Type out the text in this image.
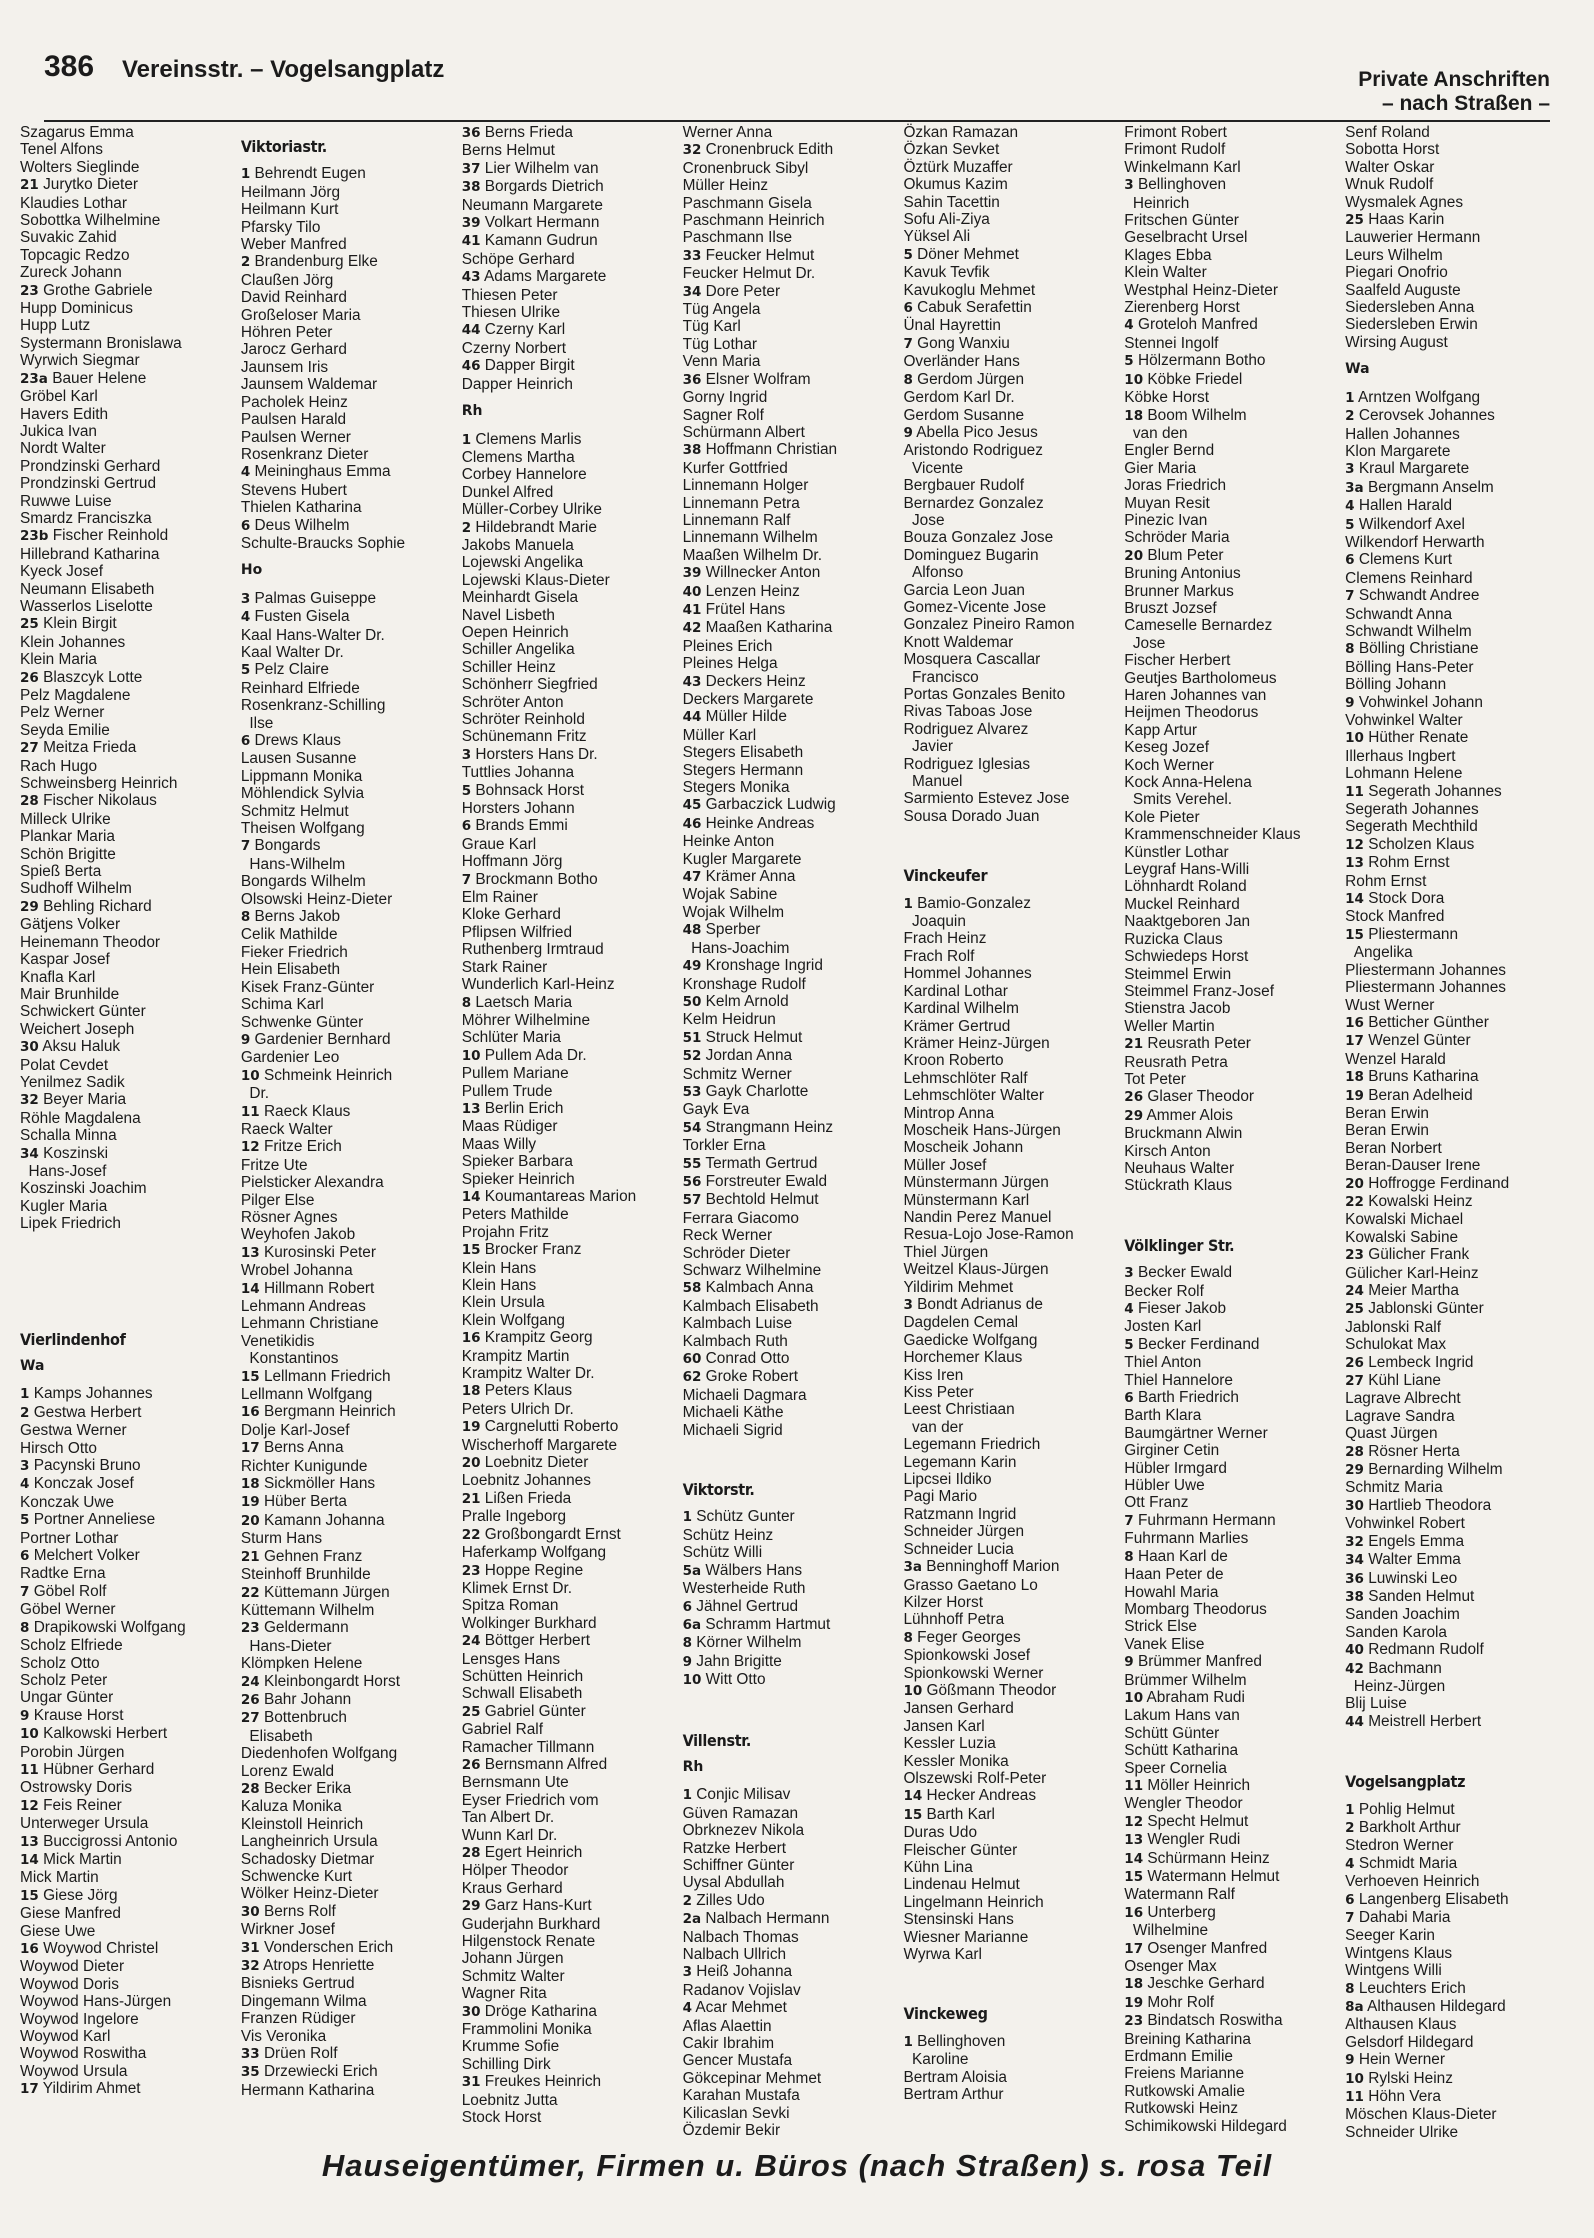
386 Vereinsstr. – Vogelsangplatz	Private Anschriften
– nach Straßen –
Szagarus Emma
Tenel Alfons
Wolters Sieglinde
21 Jurytko Dieter
Klaudies Lothar
Sobottka Wilhelmine
Suvakic Zahid
Topcagic Redzo
Zureck Johann
23 Grothe Gabriele
Hupp Dominicus
Hupp Lutz
Systermann Bronislawa
Wyrwich Siegmar
23a Bauer Helene
Gröbel Karl
Havers Edith
Jukica Ivan
Nordt Walter
Prondzinski Gerhard
Prondzinski Gertrud
Ruwwe Luise
Smardz Franciszka
23b Fischer Reinhold
Hillebrand Katharina
Kyeck Josef
Neumann Elisabeth
Wasserlos Liselotte
25 Klein Birgit
Klein Johannes
Klein Maria
26 Blaszcyk Lotte
Pelz Magdalene
Pelz Werner
Seyda Emilie
27 Meitza Frieda
Rach Hugo
Schweinsberg Heinrich
28 Fischer Nikolaus
Milleck Ulrike
Plankar Maria
Schön Brigitte
Spieß Berta
Sudhoff Wilhelm
29 Behling Richard
Gätjens Volker
Heinemann Theodor
Kaspar Josef
Knafla Karl
Mair Brunhilde
Schwickert Günter
Weichert Joseph
30 Aksu Haluk
Polat Cevdet
Yenilmez Sadik
32 Beyer Maria
Röhle Magdalena
Schalla Minna
34 Koszinski
Hans-Josef
Koszinski Joachim
Kugler Maria
Lipek Friedrich
Vierlindenhof
Wa
1 Kamps Johannes
2 Gestwa Herbert
Gestwa Werner
Hirsch Otto
3 Pacynski Bruno
4 Konczak Josef
Konczak Uwe
5 Portner Anneliese
Portner Lothar
6 Melchert Volker
Radtke Erna
7 Göbel Rolf
Göbel Werner
8 Drapikowski Wolfgang
Scholz Elfriede
Scholz Otto
Scholz Peter
Ungar Günter
9 Krause Horst
10 Kalkowski Herbert
Porobin Jürgen
11 Hübner Gerhard
Ostrowsky Doris
12 Feis Reiner
Unterweger Ursula
13 Buccigrossi Antonio
14 Mick Martin
Mick Martin
15 Giese Jörg
Giese Manfred
Giese Uwe
16 Woywod Christel
Woywod Dieter
Woywod Doris
Woywod Hans-Jürgen
Woywod Ingelore
Woywod Karl
Woywod Roswitha
Woywod Ursula
17 Yildirim Ahmet
Viktoriastr.
1 Behrendt Eugen
Heilmann Jörg
Heilmann Kurt
Pfarsky Tilo
Weber Manfred
2 Brandenburg Elke
Claußen Jörg
David Reinhard
Großeloser Maria
Höhren Peter
Jarocz Gerhard
Jaunsem Iris
Jaunsem Waldemar
Pacholek Heinz
Paulsen Harald
Paulsen Werner
Rosenkranz Dieter
4 Meininghaus Emma
Stevens Hubert
Thielen Katharina
6 Deus Wilhelm
Schulte-Braucks Sophie
Ho
3 Palmas Guiseppe
4 Fusten Gisela
Kaal Hans-Walter Dr.
Kaal Walter Dr.
5 Pelz Claire
Reinhard Elfriede
Rosenkranz-Schilling
Ilse
6 Drews Klaus
Lausen Susanne
Lippmann Monika
Möhlendick Sylvia
Schmitz Helmut
Theisen Wolfgang
7 Bongards
Hans-Wilhelm
Bongards Wilhelm
Olsowski Heinz-Dieter
8 Berns Jakob
Celik Mathilde
Fieker Friedrich
Hein Elisabeth
Kisek Franz-Günter
Schima Karl
Schwenke Günter
9 Gardenier Bernhard
Gardenier Leo
10 Schmeink Heinrich
Dr.
11 Raeck Klaus
Raeck Walter
12 Fritze Erich
Fritze Ute
Pielsticker Alexandra
Pilger Else
Rösner Agnes
Weyhofen Jakob
13 Kurosinski Peter
Wrobel Johanna
14 Hillmann Robert
Lehmann Andreas
Lehmann Christiane
Venetikidis
Konstantinos
15 Lellmann Friedrich
Lellmann Wolfgang
16 Bergmann Heinrich
Dolje Karl-Josef
17 Berns Anna
Richter Kunigunde
18 Sickmöller Hans
19 Hüber Berta
20 Kamann Johanna
Sturm Hans
21 Gehnen Franz
Steinhoff Brunhilde
22 Küttemann Jürgen
Küttemann Wilhelm
23 Geldermann
Hans-Dieter
Klömpken Helene
24 Kleinbongardt Horst
26 Bahr Johann
27 Bottenbruch
Elisabeth
Diedenhofen Wolfgang
Lorenz Ewald
28 Becker Erika
Kaluza Monika
Kleinstoll Heinrich
Langheinrich Ursula
Schadosky Dietmar
Schwencke Kurt
Wölker Heinz-Dieter
30 Berns Rolf
Wirkner Josef
31 Vonderschen Erich
32 Atrops Henriette
Bisnieks Gertrud
Dingemann Wilma
Franzen Rüdiger
Vis Veronika
33 Drüen Rolf
35 Drzewiecki Erich
Hermann Katharina
36 Berns Frieda
Berns Helmut
37 Lier Wilhelm van
38 Borgards Dietrich
Neumann Margarete
39 Volkart Hermann
41 Kamann Gudrun
Schöpe Gerhard
43 Adams Margarete
Thiesen Peter
Thiesen Ulrike
44 Czerny Karl
Czerny Norbert
46 Dapper Birgit
Dapper Heinrich
Rh
1 Clemens Marlis
Clemens Martha
Corbey Hannelore
Dunkel Alfred
Müller-Corbey Ulrike
2 Hildebrandt Marie
Jakobs Manuela
Lojewski Angelika
Lojewski Klaus-Dieter
Meinhardt Gisela
Navel Lisbeth
Oepen Heinrich
Schiller Angelika
Schiller Heinz
Schönherr Siegfried
Schröter Anton
Schröter Reinhold
Schünemann Fritz
3 Horsters Hans Dr.
Tuttlies Johanna
5 Bohnsack Horst
Horsters Johann
6 Brands Emmi
Graue Karl
Hoffmann Jörg
7 Brockmann Botho
Elm Rainer
Kloke Gerhard
Pflipsen Wilfried
Ruthenberg Irmtraud
Stark Rainer
Wunderlich Karl-Heinz
8 Laetsch Maria
Möhrer Wilhelmine
Schlüter Maria
10 Pullem Ada Dr.
Pullem Mariane
Pullem Trude
13 Berlin Erich
Maas Rüdiger
Maas Willy
Spieker Barbara
Spieker Heinrich
14 Koumantareas Marion
Peters Mathilde
Projahn Fritz
15 Brocker Franz
Klein Hans
Klein Hans
Klein Ursula
Klein Wolfgang
16 Krampitz Georg
Krampitz Martin
Krampitz Walter Dr.
18 Peters Klaus
Peters Ulrich Dr.
19 Cargnelutti Roberto
Wischerhoff Margarete
20 Loebnitz Dieter
Loebnitz Johannes
21 Lißen Frieda
Pralle Ingeborg
22 Großbongardt Ernst
Haferkamp Wolfgang
23 Hoppe Regine
Klimek Ernst Dr.
Spitza Roman
Wolkinger Burkhard
24 Böttger Herbert
Lensges Hans
Schütten Heinrich
Schwall Elisabeth
25 Gabriel Günter
Gabriel Ralf
Ramacher Tillmann
26 Bernsmann Alfred
Bernsmann Ute
Eyser Friedrich vom
Tan Albert Dr.
Wunn Karl Dr.
28 Egert Heinrich
Hölper Theodor
Kraus Gerhard
29 Garz Hans-Kurt
Guderjahn Burkhard
Hilgenstock Renate
Johann Jürgen
Schmitz Walter
Wagner Rita
30 Drögе Katharina
Frammolini Monika
Krumme Sofie
Schilling Dirk
31 Freukes Heinrich
Loebnitz Jutta
Stock Horst
Werner Anna
32 Cronenbruck Edith
Cronenbruck Sibyl
Müller Heinz
Paschmann Gisela
Paschmann Heinrich
Paschmann Ilse
33 Feucker Helmut
Feucker Helmut Dr.
34 Dore Peter
Tüg Angela
Tüg Karl
Tüg Lothar
Venn Maria
36 Elsner Wolfram
Gorny Ingrid
Sagner Rolf
Schürmann Albert
38 Hoffmann Christian
Kurfer Gottfried
Linnemann Holger
Linnemann Petra
Linnemann Ralf
Linnemann Wilhelm
Maaßen Wilhelm Dr.
39 Willnecker Anton
40 Lenzen Heinz
41 Frütel Hans
42 Maaßen Katharina
Pleines Erich
Pleines Helga
43 Deckers Heinz
Deckers Margarete
44 Müller Hilde
Müller Karl
Stegers Elisabeth
Stegers Hermann
Stegers Monika
45 Garbaczick Ludwig
46 Heinke Andreas
Heinke Anton
Kugler Margarete
47 Krämer Anna
Wojak Sabine
Wojak Wilhelm
48 Sperber
Hans-Joachim
49 Kronshage Ingrid
Kronshage Rudolf
50 Kelm Arnold
Kelm Heidrun
51 Struck Helmut
52 Jordan Anna
Schmitz Werner
53 Gayk Charlotte
Gayk Eva
54 Strangmann Heinz
Torkler Erna
55 Termath Gertrud
56 Forstreuter Ewald
57 Bechtold Helmut
Ferrara Giacomo
Reck Werner
Schröder Dieter
Schwarz Wilhelmine
58 Kalmbach Anna
Kalmbach Elisabeth
Kalmbach Luise
Kalmbach Ruth
60 Conrad Otto
62 Groke Robert
Michaeli Dagmara
Michaeli Käthe
Michaeli Sigrid
Viktorstr.
1 Schütz Gunter
Schütz Heinz
Schütz Willi
5a Wälbers Hans
Westerheide Ruth
6 Jähnel Gertrud
6a Schramm Hartmut
8 Körner Wilhelm
9 Jahn Brigitte
10 Witt Otto
Villenstr.
Rh
1 Conjic Milisav
Güven Ramazan
Obrknezev Nikola
Ratzke Herbert
Schiffner Günter
Uysal Abdullah
2 Zilles Udo
2a Nalbach Hermann
Nalbach Thomas
Nalbach Ullrich
3 Heiß Johanna
Radanov Vojislav
4 Acar Mehmet
Aflas Alaettin
Cakir Ibrahim
Gencer Mustafa
Gökcepinar Mehmet
Karahan Mustafa
Kilicaslan Sevki
Özdemir Bekir
Özkan Ramazan
Özkan Sevket
Öztürk Muzaffer
Okumus Kazim
Sahin Tacettin
Sofu Ali-Ziya
Yüksel Ali
5 Döner Mehmet
Kavuk Tevfik
Kavukoglu Mehmet
6 Cabuk Serafettin
Ünal Hayrettin
7 Gong Wanxiu
Overländer Hans
8 Gerdom Jürgen
Gerdom Karl Dr.
Gerdom Susanne
9 Abella Pico Jesus
Aristondo Rodriguez
Vicente
Bergbauer Rudolf
Bernardez Gonzalez
Jose
Bouza Gonzalez Jose
Dominguez Bugarin
Alfonso
Garcia Leon Juan
Gomez-Vicente Jose
Gonzalez Pineiro Ramon
Knott Waldemar
Mosquera Cascallar
Francisco
Portas Gonzales Benito
Rivas Taboas Jose
Rodriguez Alvarez
Javier
Rodriguez Iglesias
Manuel
Sarmiento Estevez Jose
Sousa Dorado Juan
Vinckeufer
1 Bamio-Gonzalez
Joaquin
Frach Heinz
Frach Rolf
Hommel Johannes
Kardinal Lothar
Kardinal Wilhelm
Krämer Gertrud
Krämer Heinz-Jürgen
Kroon Roberto
Lehmschlöter Ralf
Lehmschlöter Walter
Mintrop Anna
Moscheik Hans-Jürgen
Moscheik Johann
Müller Josef
Münstermann Jürgen
Münstermann Karl
Nandin Perez Manuel
Resua-Lojo Jose-Ramon
Thiel Jürgen
Weitzel Klaus-Jürgen
Yildirim Mehmet
3 Bondt Adrianus de
Dagdelen Cemal
Gaedicke Wolfgang
Horchemer Klaus
Kiss Iren
Kiss Peter
Leest Christiaan
van der
Legemann Friedrich
Legemann Karin
Lipcsei Ildiko
Pagi Mario
Ratzmann Ingrid
Schneider Jürgen
Schneider Lucia
3a Benninghoff Marion
Grasso Gaetano Lo
Kilzer Horst
Lühnhoff Petra
8 Feger Georges
Spionkowski Josef
Spionkowski Werner
10 Gößmann Theodor
Jansen Gerhard
Jansen Karl
Kessler Luzia
Kessler Monika
Olszewski Rolf-Peter
14 Hecker Andreas
15 Barth Karl
Duras Udo
Fleischer Günter
Kühn Lina
Lindenau Helmut
Lingelmann Heinrich
Stensinski Hans
Wiesner Marianne
Wyrwa Karl
Vinckeweg
1 Bellinghoven
Karoline
Bertram Aloisia
Bertram Arthur
Frimont Robert
Frimont Rudolf
Winkelmann Karl
3 Bellinghoven
Heinrich
Fritschen Günter
Geselbracht Ursel
Klages Ebba
Klein Walter
Westphal Heinz-Dieter
Zierenberg Horst
4 Groteloh Manfred
Stennei Ingolf
5 Hölzermann Botho
10 Köbke Friedel
Köbke Horst
18 Boom Wilhelm
van den
Engler Bernd
Gier Maria
Joras Friedrich
Muyan Resit
Pinezic Ivan
Schröder Maria
20 Blum Peter
Bruning Antonius
Brunner Markus
Bruszt Jozsef
Cameselle Bernardez
Jose
Fischer Herbert
Geutjes Bartholomeus
Haren Johannes van
Heijmen Theodorus
Kapp Artur
Keseg Jozef
Koch Werner
Kock Anna-Helena
Smits Verehel.
Kole Pieter
Krammenschneider Klaus
Künstler Lothar
Leygraf Hans-Willi
Löhnhardt Roland
Muckel Reinhard
Naaktgeboren Jan
Ruzicka Claus
Schwiedeps Horst
Steimmel Erwin
Steimmel Franz-Josef
Stienstra Jacob
Weller Martin
21 Reusrath Peter
Reusrath Petra
Tot Peter
26 Glaser Theodor
29 Ammer Alois
Bruckmann Alwin
Kirsch Anton
Neuhaus Walter
Stückrath Klaus
Völklinger Str.
3 Becker Ewald
Becker Rolf
4 Fieser Jakob
Josten Karl
5 Becker Ferdinand
Thiel Anton
Thiel Hannelore
6 Barth Friedrich
Barth Klara
Baumgärtner Werner
Girginer Cetin
Hübler Irmgard
Hübler Uwe
Ott Franz
7 Fuhrmann Hermann
Fuhrmann Marlies
8 Haan Karl de
Haan Peter de
Howahl Maria
Mombarg Theodorus
Strick Else
Vanek Elise
9 Brümmer Manfred
Brümmer Wilhelm
10 Abraham Rudi
Lakum Hans van
Schütt Günter
Schütt Katharina
Speer Cornelia
11 Möller Heinrich
Wengler Theodor
12 Specht Helmut
13 Wengler Rudi
14 Schürmann Heinz
15 Watermann Helmut
Watermann Ralf
16 Unterberg
Wilhelmine
17 Osenger Manfred
Osenger Max
18 Jeschke Gerhard
19 Mohr Rolf
23 Bindatsch Roswitha
Breining Katharina
Erdmann Emilie
Freiens Marianne
Rutkowski Amalie
Rutkowski Heinz
Schimikowski Hildegard
Senf Roland
Sobotta Horst
Walter Oskar
Wnuk Rudolf
Wysmalek Agnes
25 Haas Karin
Lauwerier Hermann
Leurs Wilhelm
Piegari Onofrio
Saalfeld Auguste
Siedersleben Anna
Siedersleben Erwin
Wirsing August
Wa
1 Arntzen Wolfgang
2 Cerovsek Johannes
Hallen Johannes
Klon Margarete
3 Kraul Margarete
3a Bergmann Anselm
4 Hallen Harald
5 Wilkendorf Axel
Wilkendorf Herwarth
6 Clemens Kurt
Clemens Reinhard
7 Schwandt Andree
Schwandt Anna
Schwandt Wilhelm
8 Bölling Christiane
Bölling Hans-Peter
Bölling Johann
9 Vohwinkel Johann
Vohwinkel Walter
10 Hüther Renate
Illerhaus Ingbert
Lohmann Helene
11 Segerath Johannes
Segerath Johannes
Segerath Mechthild
12 Scholzen Klaus
13 Rohm Ernst
Rohm Ernst
14 Stock Dora
Stock Manfred
15 Pliestermann
Angelika
Pliestermann Johannes
Pliestermann Johannes
Wust Werner
16 Betticher Günther
17 Wenzel Günter
Wenzel Harald
18 Bruns Katharina
19 Beran Adelheid
Beran Erwin
Beran Erwin
Beran Norbert
Beran-Dauser Irene
20 Hoffrogge Ferdinand
22 Kowalski Heinz
Kowalski Michael
Kowalski Sabine
23 Gülicher Frank
Gülicher Karl-Heinz
24 Meier Martha
25 Jablonski Günter
Jablonski Ralf
Schulokat Max
26 Lembeck Ingrid
27 Kühl Liane
Lagrave Albrecht
Lagrave Sandra
Quast Jürgen
28 Rösner Herta
29 Bernarding Wilhelm
Schmitz Maria
30 Hartlieb Theodora
Vohwinkel Robert
32 Engels Emma
34 Walter Emma
36 Luwinski Leo
38 Sanden Helmut
Sanden Joachim
Sanden Karola
40 Redmann Rudolf
42 Bachmann
Heinz-Jürgen
Blij Luise
44 Meistrell Herbert
Vogelsangplatz
1 Pohlig Helmut
2 Barkholt Arthur
Stedron Werner
4 Schmidt Maria
Verhoeven Heinrich
6 Langenberg Elisabeth
7 Dahabi Maria
Seeger Karin
Wintgens Klaus
Wintgens Willi
8 Leuchters Erich
8a Althausen Hildegard
Althausen Klaus
Gelsdorf Hildegard
9 Hein Werner
10 Rylski Heinz
11 Höhn Vera
Möschen Klaus-Dieter
Schneider Ulrike
Hauseigentümer, Firmen u. Büros (nach Straßen) s. rosa Teil
